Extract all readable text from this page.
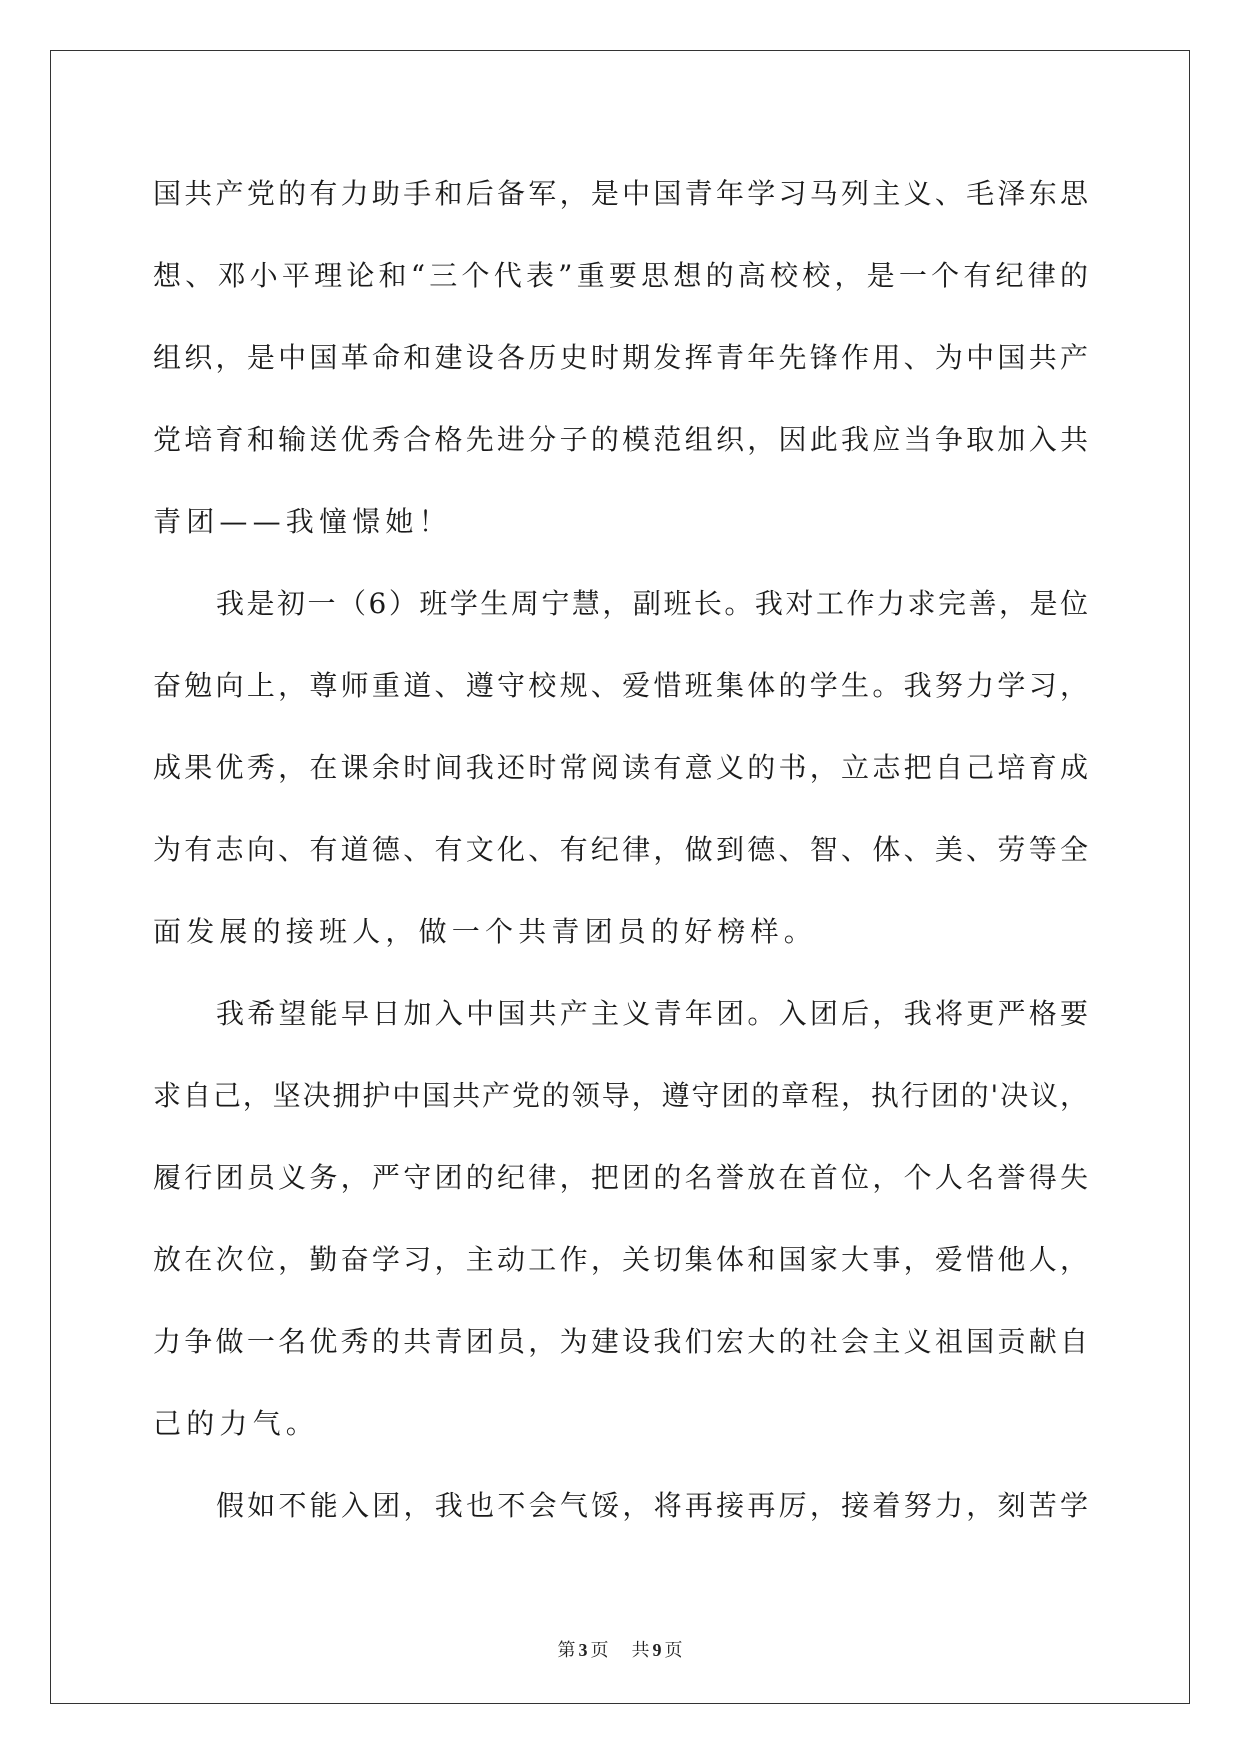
国共产党的有力助手和后备军，是中国青年学习马列主义、毛泽东思
想、邓小平理论和“三个代表”重要思想的高校校，是一个有纪律的
组织，是中国革命和建设各历史时期发挥青年先锋作用、为中国共产
党培育和输送优秀合格先进分子的模范组织，因此我应当争取加入共
青团——我憧憬她！
我是初一（6）班学生周宁慧，副班长。我对工作力求完善，是位
奋勉向上，尊师重道、遵守校规、爱惜班集体的学生。我努力学习，
成果优秀，在课余时间我还时常阅读有意义的书，立志把自己培育成
为有志向、有道德、有文化、有纪律，做到德、智、体、美、劳等全
面发展的接班人，做一个共青团员的好榜样。
我希望能早日加入中国共产主义青年团。入团后，我将更严格要
求自己，坚决拥护中国共产党的领导，遵守团的章程，执行团的'决议，
履行团员义务，严守团的纪律，把团的名誉放在首位，个人名誉得失
放在次位，勤奋学习，主动工作，关切集体和国家大事，爱惜他人，
力争做一名优秀的共青团员，为建设我们宏大的社会主义祖国贡献自
己的力气。
假如不能入团，我也不会气馁，将再接再厉，接着努力，刻苦学
第 3 页 共 9 页
